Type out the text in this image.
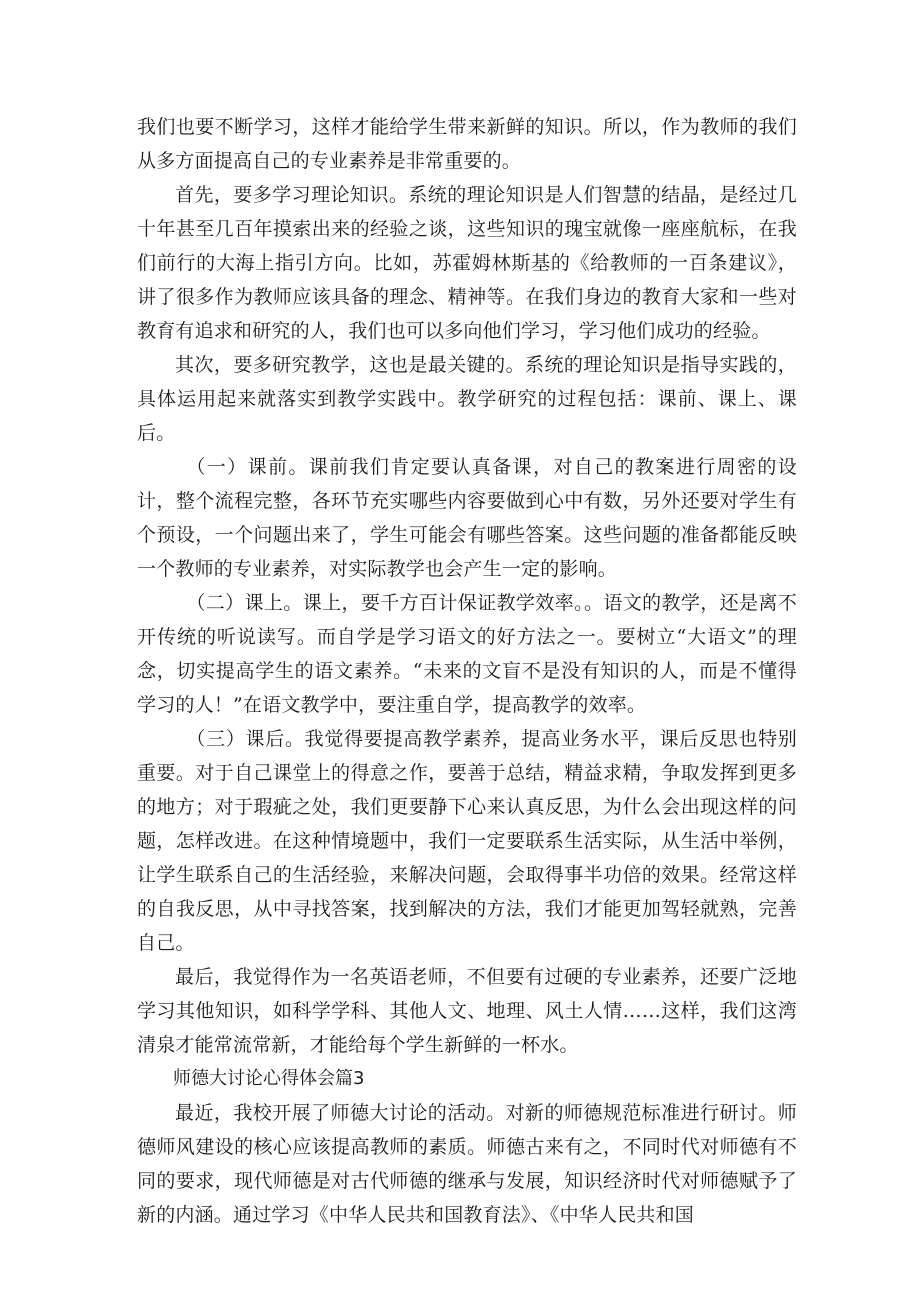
我们也要不断学习，这样才能给学生带来新鲜的知识。所以，作为教师的我们从多方面提高自己的专业素养是非常重要的。

首先，要多学习理论知识。系统的理论知识是人们智慧的结晶，是经过几十年甚至几百年摸索出来的经验之谈，这些知识的瑰宝就像一座座航标，在我们前行的大海上指引方向。比如，苏霍姆林斯基的《给教师的一百条建议》，讲了很多作为教师应该具备的理念、精神等。在我们身边的教育大家和一些对教育有追求和研究的人，我们也可以多向他们学习，学习他们成功的经验。

其次，要多研究教学，这也是最关键的。系统的理论知识是指导实践的，具体运用起来就落实到教学实践中。教学研究的过程包括：课前、课上、课后。

（一）课前。课前我们肯定要认真备课，对自己的教案进行周密的设计，整个流程完整，各环节充实哪些内容要做到心中有数，另外还要对学生有个预设，一个问题出来了，学生可能会有哪些答案。这些问题的准备都能反映一个教师的专业素养，对实际教学也会产生一定的影响。

（二）课上。课上，要千方百计保证教学效率。。语文的教学，还是离不开传统的听说读写。而自学是学习语文的好方法之一。要树立“大语文”的理念，切实提高学生的语文素养。“未来的文盲不是没有知识的人，而是不懂得学习的人！”在语文教学中，要注重自学，提高教学的效率。

（三）课后。我觉得要提高教学素养，提高业务水平，课后反思也特别重要。对于自己课堂上的得意之作，要善于总结，精益求精，争取发挥到更多的地方；对于瑕疵之处，我们更要静下心来认真反思，为什么会出现这样的问题，怎样改进。在这种情境题中，我们一定要联系生活实际，从生活中举例，让学生联系自己的生活经验，来解决问题，会取得事半功倍的效果。经常这样的自我反思，从中寻找答案，找到解决的方法，我们才能更加驾轻就熟，完善自己。

最后，我觉得作为一名英语老师，不但要有过硬的专业素养，还要广泛地学习其他知识，如科学学科、其他人文、地理、风土人情……这样，我们这湾清泉才能常流常新，才能给每个学生新鲜的一杯水。

师德大讨论心得体会篇3

最近，我校开展了师德大讨论的活动。对新的师德规范标准进行研讨。师德师风建设的核心应该提高教师的素质。师德古来有之，不同时代对师德有不同的要求，现代师德是对古代师德的继承与发展，知识经济时代对师德赋予了新的内涵。通过学习《中华人民共和国教育法》、《中华人民共和国
